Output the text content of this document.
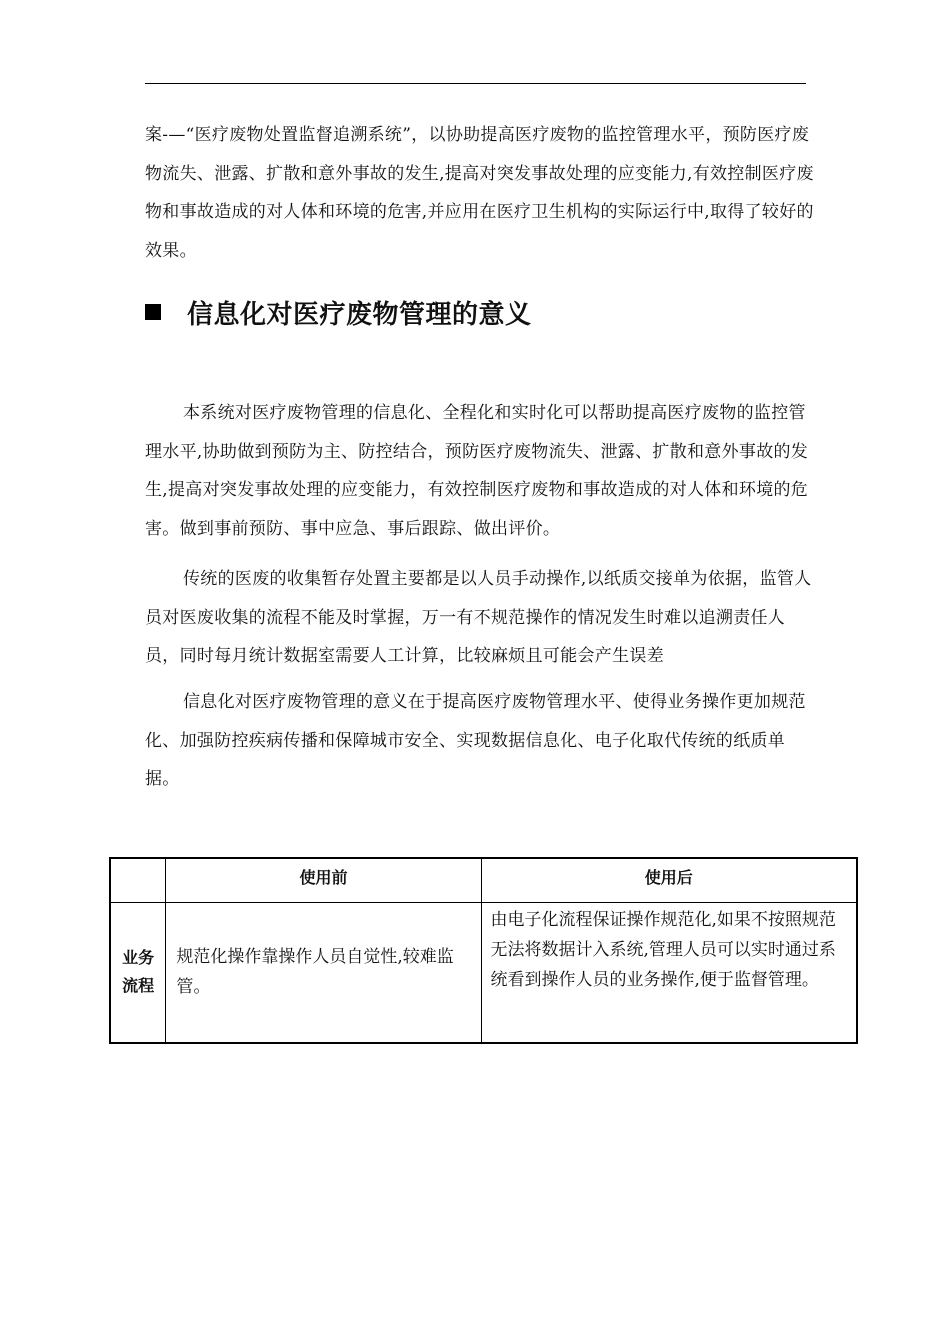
案-—“医疗废物处置监督追溯系统”，以协助提高医疗废物的监控管理水平，预防医疗废物流失、泄露、扩散和意外事故的发生,提高对突发事故处理的应变能力,有效控制医疗废物和事故造成的对人体和环境的危害,并应用在医疗卫生机构的实际运行中,取得了较好的效果。

信息化对医疗废物管理的意义

本系统对医疗废物管理的信息化、全程化和实时化可以帮助提高医疗废物的监控管理水平,协助做到预防为主、防控结合，预防医疗废物流失、泄露、扩散和意外事故的发生,提高对突发事故处理的应变能力，有效控制医疗废物和事故造成的对人体和环境的危害。做到事前预防、事中应急、事后跟踪、做出评价。

传统的医废的收集暂存处置主要都是以人员手动操作,以纸质交接单为依据，监管人员对医废收集的流程不能及时掌握，万一有不规范操作的情况发生时难以追溯责任人员，同时每月统计数据室需要人工计算，比较麻烦且可能会产生误差

信息化对医疗废物管理的意义在于提高医疗废物管理水平、使得业务操作更加规范化、加强防控疾病传播和保障城市安全、实现数据信息化、电子化取代传统的纸质单据。

	使用前	使用后
业务
流程	规范化操作靠操作人员自觉性,较难监管。	由电子化流程保证操作规范化,如果不按照规范无法将数据计入系统,管理人员可以实时通过系统看到操作人员的业务操作,便于监督管理。
